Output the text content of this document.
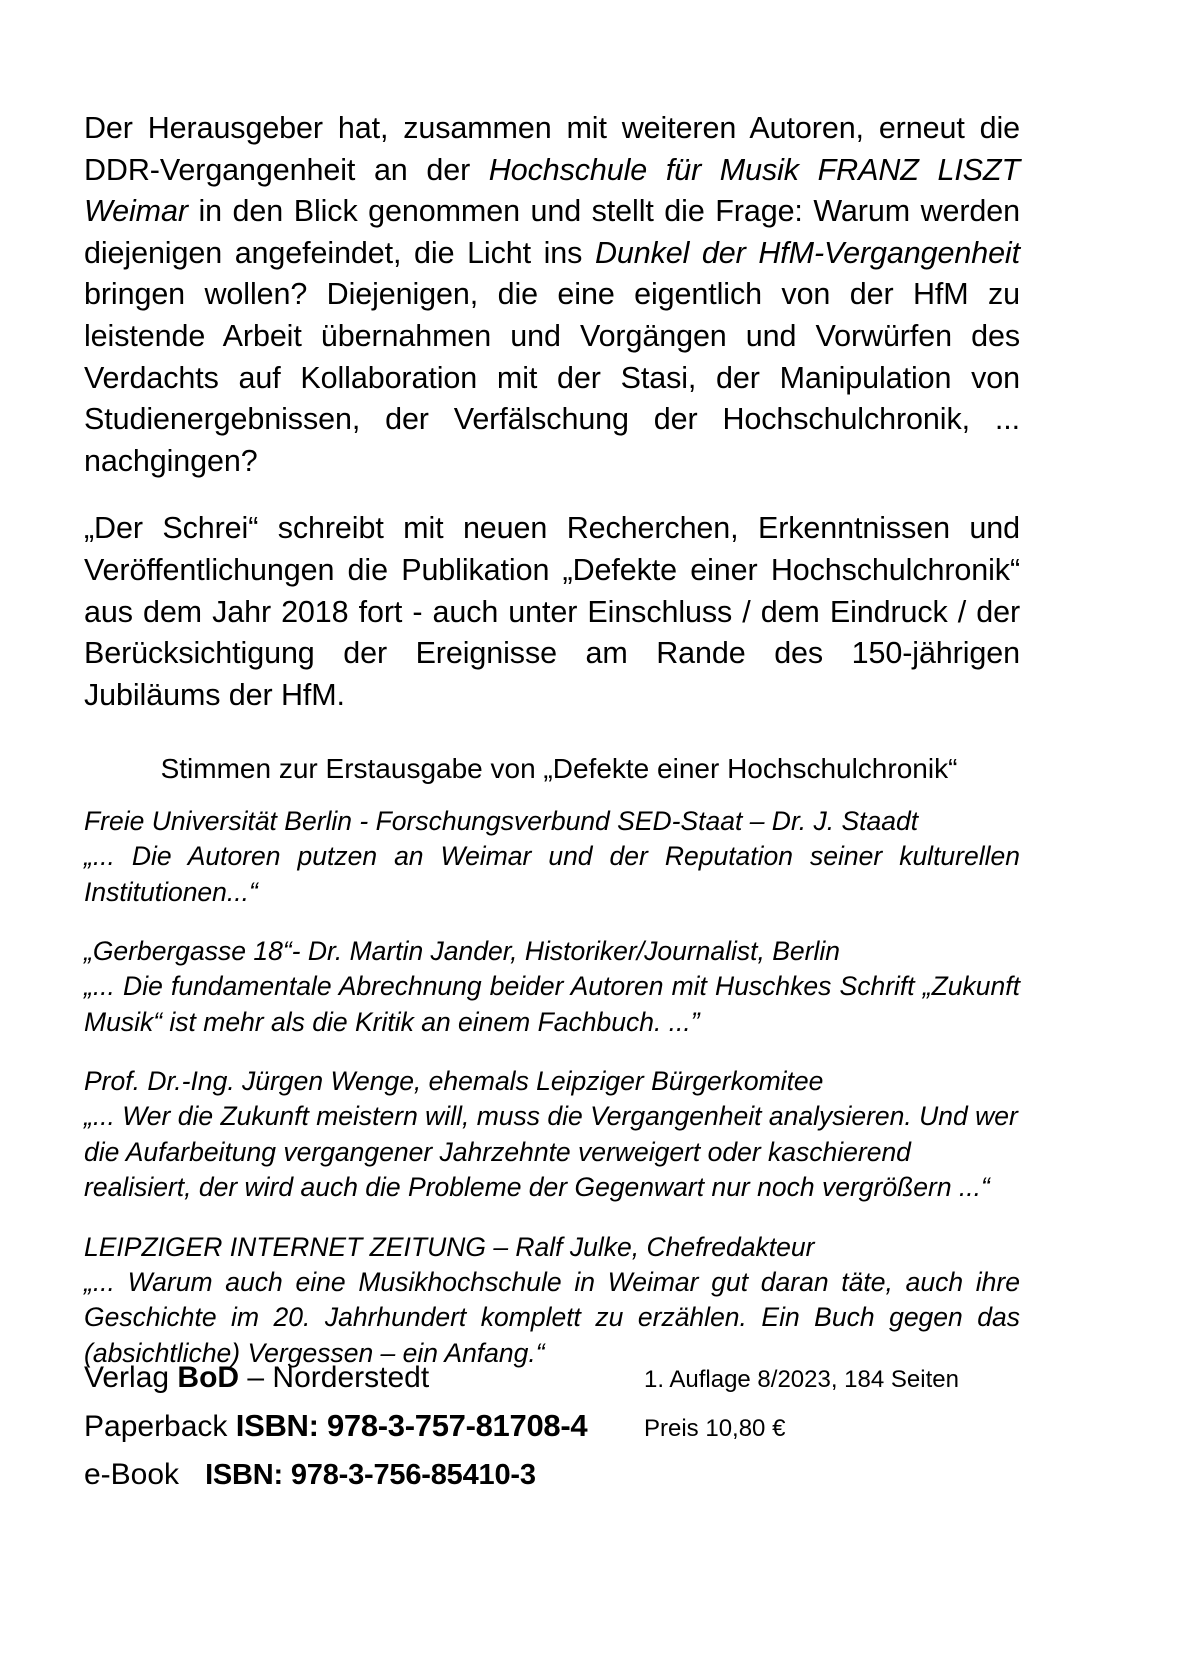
Der Herausgeber hat, zusammen mit weiteren Autoren, erneut die DDR-Vergangenheit an der Hochschule für Musik FRANZ LISZT Weimar in den Blick genommen und stellt die Frage: Warum werden diejenigen angefeindet, die Licht ins Dunkel der HfM-Vergangenheit bringen wollen? Diejenigen, die eine eigentlich von der HfM zu leistende Arbeit übernahmen und Vorgängen und Vorwürfen des Verdachts auf Kollaboration mit der Stasi, der Manipulation von Studienergebnissen, der Verfälschung der Hochschulchronik, ... nachgingen?

„Der Schrei“ schreibt mit neuen Recherchen, Erkenntnissen und Veröffentlichungen die Publikation „Defekte einer Hochschulchronik“ aus dem Jahr 2018 fort - auch unter Einschluss / dem Eindruck / der Berücksichtigung der Ereignisse am Rande des 150-jährigen Jubiläums der HfM.

Stimmen zur Erstausgabe von „Defekte einer Hochschulchronik“
Freie Universität Berlin - Forschungsverbund SED-Staat – Dr. J. Staadt
„... Die Autoren putzen an Weimar und der Reputation seiner kulturellen Institutionen...“
„Gerbergasse 18“- Dr. Martin Jander, Historiker/Journalist, Berlin
„... Die fundamentale Abrechnung beider Autoren mit Huschkes Schrift „Zukunft Musik“ ist mehr als die Kritik an einem Fachbuch. ...”
Prof. Dr.-Ing. Jürgen Wenge, ehemals Leipziger Bürgerkomitee
„... Wer die Zukunft meistern will, muss die Vergangenheit analysieren. Und wer die Aufarbeitung vergangener Jahrzehnte verweigert oder kaschierend realisiert, der wird auch die Probleme der Gegenwart nur noch vergrößern ...“
LEIPZIGER INTERNET ZEITUNG – Ralf Julke, Chefredakteur
„... Warum auch eine Musikhochschule in Weimar gut daran täte, auch ihre Geschichte im 20. Jahrhundert komplett zu erzählen. Ein Buch gegen das (absichtliche) Vergessen – ein Anfang.“
Verlag BoD – Norderstedt	1. Auflage 8/2023, 184 Seiten
Paperback ISBN: 978-3-757-81708-4	Preis 10,80 €
e-Book ISBN: 978-3-756-85410-3
